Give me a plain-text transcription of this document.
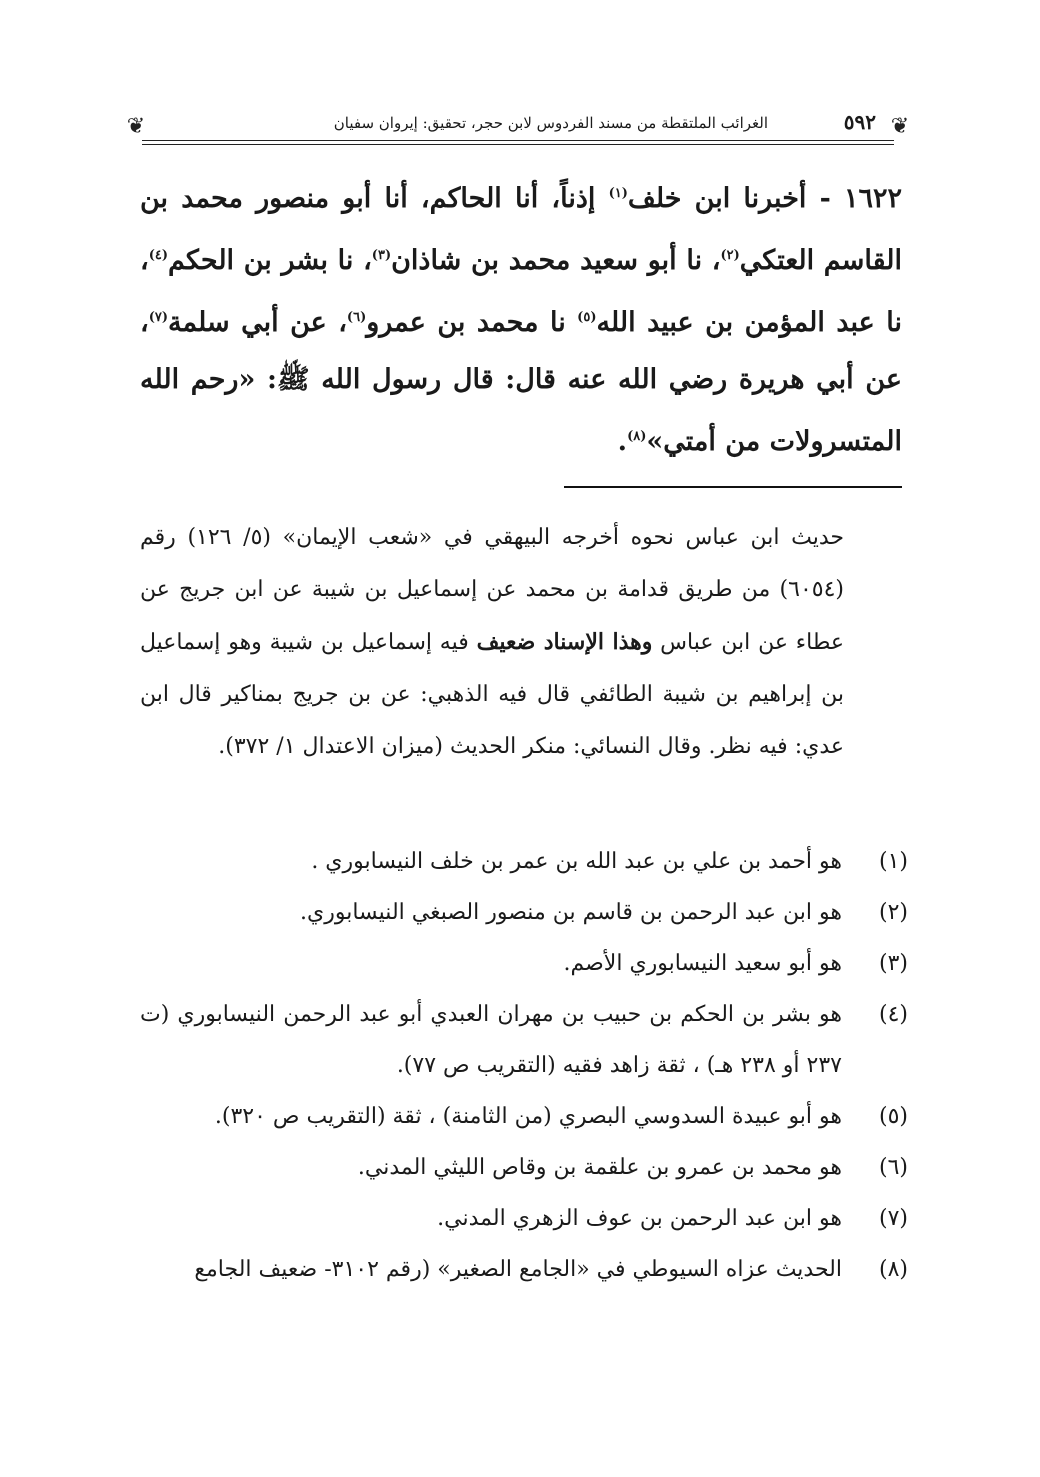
❦
❦	٥٩٢
الغرائب الملتقطة من مسند الفردوس لابن حجر، تحقيق: إيروان سفيان

١٦٢٢ - أخبرنا ابن خلف$^{(١)}$ إذناً، أنا الحاكم، أنا أبو منصور محمد بن القاسم العتكي$^{(٢)}$، نا أبو سعيد محمد بن شاذان$^{(٣)}$، نا بشر بن الحكم$^{(٤)}$، نا عبد المؤمن بن عبيد الله$^{(٥)}$ نا محمد بن عمرو$^{(٦)}$، عن أبي سلمة$^{(٧)}$، عن أبي هريرة رضي الله عنه قال: قال رسول الله ﷺ: «رحم الله المتسرولات من أمتي»$^{(٨)}$.

حديث ابن عباس نحوه أخرجه البيهقي في «شعب الإيمان» (٥/ ١٢٦) رقم (٦٠٥٤) من طريق قدامة بن محمد عن إسماعيل بن شيبة عن ابن جريج عن عطاء عن ابن عباس وهذا الإسناد ضعيف فيه إسماعيل بن شيبة وهو إسماعيل بن إبراهيم بن شيبة الطائفي قال فيه الذهبي: عن بن جريج بمناكير قال ابن عدي: فيه نظر. وقال النسائي: منكر الحديث (ميزان الاعتدال ١/ ٣٧٢).

(١)
هو أحمد بن علي بن عبد الله بن عمر بن خلف النيسابوري .
(٢)
هو ابن عبد الرحمن بن قاسم بن منصور الصبغي النيسابوري.
(٣)
هو أبو سعيد النيسابوري الأصم.
(٤)
هو بشر بن الحكم بن حبيب بن مهران العبدي أبو عبد الرحمن النيسابوري (ت ٢٣٧ أو ٢٣٨ هـ) ، ثقة زاهد فقيه (التقريب ص ٧٧).
(٥)
هو أبو عبيدة السدوسي البصري (من الثامنة) ، ثقة (التقريب ص ٣٢٠).
(٦)
هو محمد بن عمرو بن علقمة بن وقاص الليثي المدني.
(٧)
هو ابن عبد الرحمن بن عوف الزهري المدني.
(٨)
الحديث عزاه السيوطي في «الجامع الصغير» (رقم ٣١٠٢- ضعيف الجامع
